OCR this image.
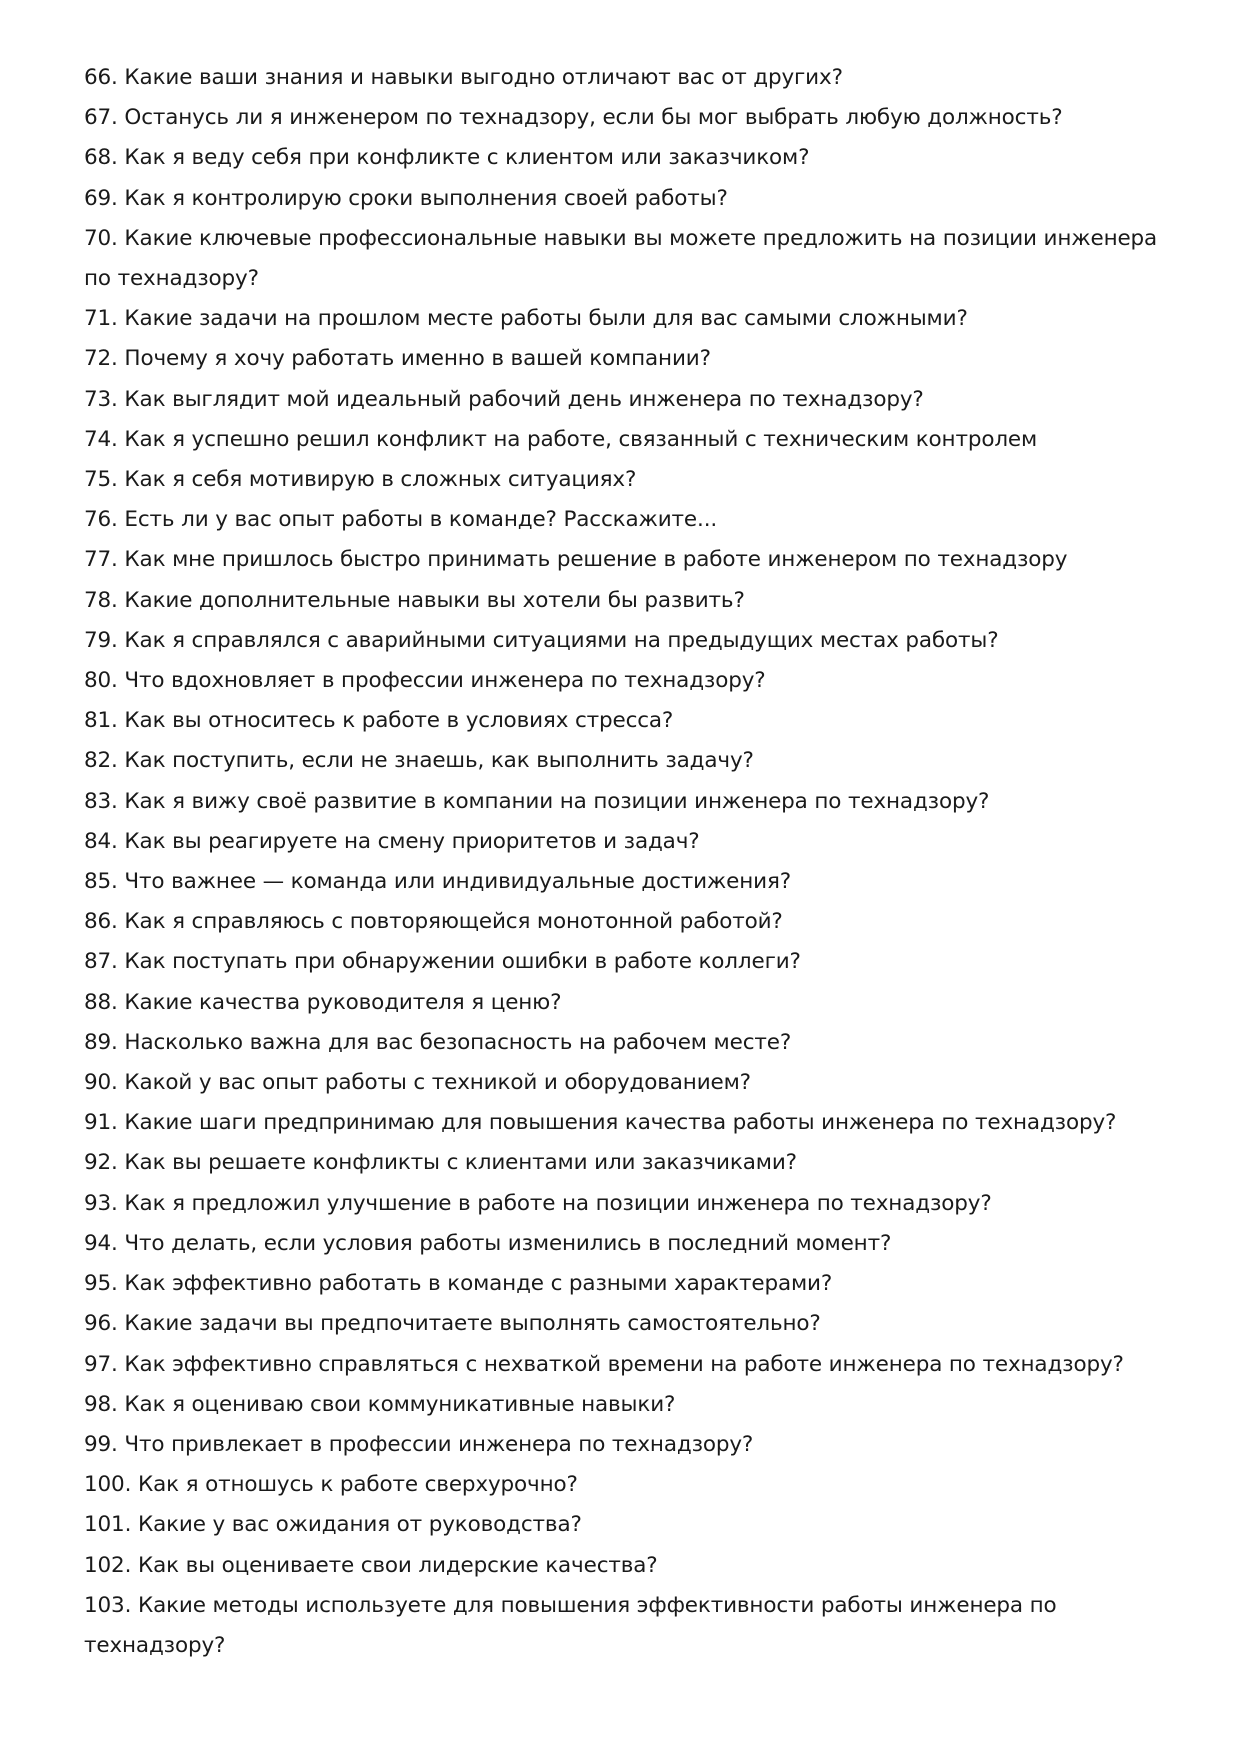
66. Какие ваши знания и навыки выгодно отличают вас от других?
67. Останусь ли я инженером по технадзору, если бы мог выбрать любую должность?
68. Как я веду себя при конфликте с клиентом или заказчиком?
69. Как я контролирую сроки выполнения своей работы?
70. Какие ключевые профессиональные навыки вы можете предложить на позиции инженера по технадзору?
71. Какие задачи на прошлом месте работы были для вас самыми сложными?
72. Почему я хочу работать именно в вашей компании?
73. Как выглядит мой идеальный рабочий день инженера по технадзору?
74. Как я успешно решил конфликт на работе, связанный с техническим контролем
75. Как я себя мотивирую в сложных ситуациях?
76. Есть ли у вас опыт работы в команде? Расскажите...
77. Как мне пришлось быстро принимать решение в работе инженером по технадзору
78. Какие дополнительные навыки вы хотели бы развить?
79. Как я справлялся с аварийными ситуациями на предыдущих местах работы?
80. Что вдохновляет в профессии инженера по технадзору?
81. Как вы относитесь к работе в условиях стресса?
82. Как поступить, если не знаешь, как выполнить задачу?
83. Как я вижу своё развитие в компании на позиции инженера по технадзору?
84. Как вы реагируете на смену приоритетов и задач?
85. Что важнее — команда или индивидуальные достижения?
86. Как я справляюсь с повторяющейся монотонной работой?
87. Как поступать при обнаружении ошибки в работе коллеги?
88. Какие качества руководителя я ценю?
89. Насколько важна для вас безопасность на рабочем месте?
90. Какой у вас опыт работы с техникой и оборудованием?
91. Какие шаги предпринимаю для повышения качества работы инженера по технадзору?
92. Как вы решаете конфликты с клиентами или заказчиками?
93. Как я предложил улучшение в работе на позиции инженера по технадзору?
94. Что делать, если условия работы изменились в последний момент?
95. Как эффективно работать в команде с разными характерами?
96. Какие задачи вы предпочитаете выполнять самостоятельно?
97. Как эффективно справляться с нехваткой времени на работе инженера по технадзору?
98. Как я оцениваю свои коммуникативные навыки?
99. Что привлекает в профессии инженера по технадзору?
100. Как я отношусь к работе сверхурочно?
101. Какие у вас ожидания от руководства?
102. Как вы оцениваете свои лидерские качества?
103. Какие методы используете для повышения эффективности работы инженера по технадзору?
